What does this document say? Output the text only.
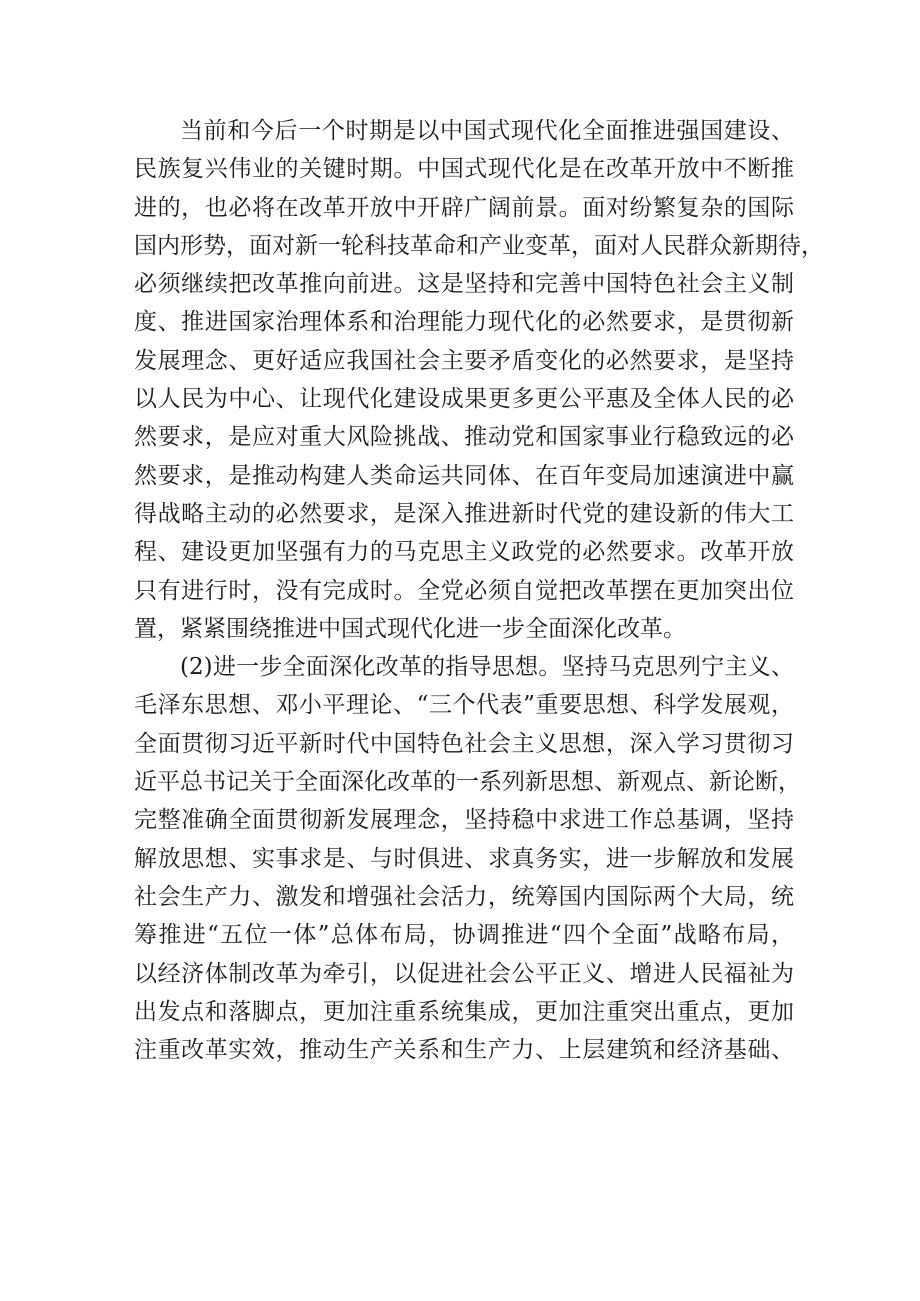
当前和今后一个时期是以中国式现代化全面推进强国建设、
民族复兴伟业的关键时期。中国式现代化是在改革开放中不断推
进的，也必将在改革开放中开辟广阔前景。面对纷繁复杂的国际
国内形势，面对新一轮科技革命和产业变革，面对人民群众新期待，
必须继续把改革推向前进。这是坚持和完善中国特色社会主义制
度、推进国家治理体系和治理能力现代化的必然要求，是贯彻新
发展理念、更好适应我国社会主要矛盾变化的必然要求，是坚持
以人民为中心、让现代化建设成果更多更公平惠及全体人民的必
然要求，是应对重大风险挑战、推动党和国家事业行稳致远的必
然要求，是推动构建人类命运共同体、在百年变局加速演进中赢
得战略主动的必然要求，是深入推进新时代党的建设新的伟大工
程、建设更加坚强有力的马克思主义政党的必然要求。改革开放
只有进行时，没有完成时。全党必须自觉把改革摆在更加突出位
置，紧紧围绕推进中国式现代化进一步全面深化改革。
(2)进一步全面深化改革的指导思想。坚持马克思列宁主义、
毛泽东思想、邓小平理论、“三个代表”重要思想、科学发展观，
全面贯彻习近平新时代中国特色社会主义思想，深入学习贯彻习
近平总书记关于全面深化改革的一系列新思想、新观点、新论断，
完整准确全面贯彻新发展理念，坚持稳中求进工作总基调，坚持
解放思想、实事求是、与时俱进、求真务实，进一步解放和发展
社会生产力、激发和增强社会活力，统筹国内国际两个大局，统
筹推进“五位一体”总体布局，协调推进“四个全面”战略布局，
以经济体制改革为牵引，以促进社会公平正义、增进人民福祉为
出发点和落脚点，更加注重系统集成，更加注重突出重点，更加
注重改革实效，推动生产关系和生产力、上层建筑和经济基础、
